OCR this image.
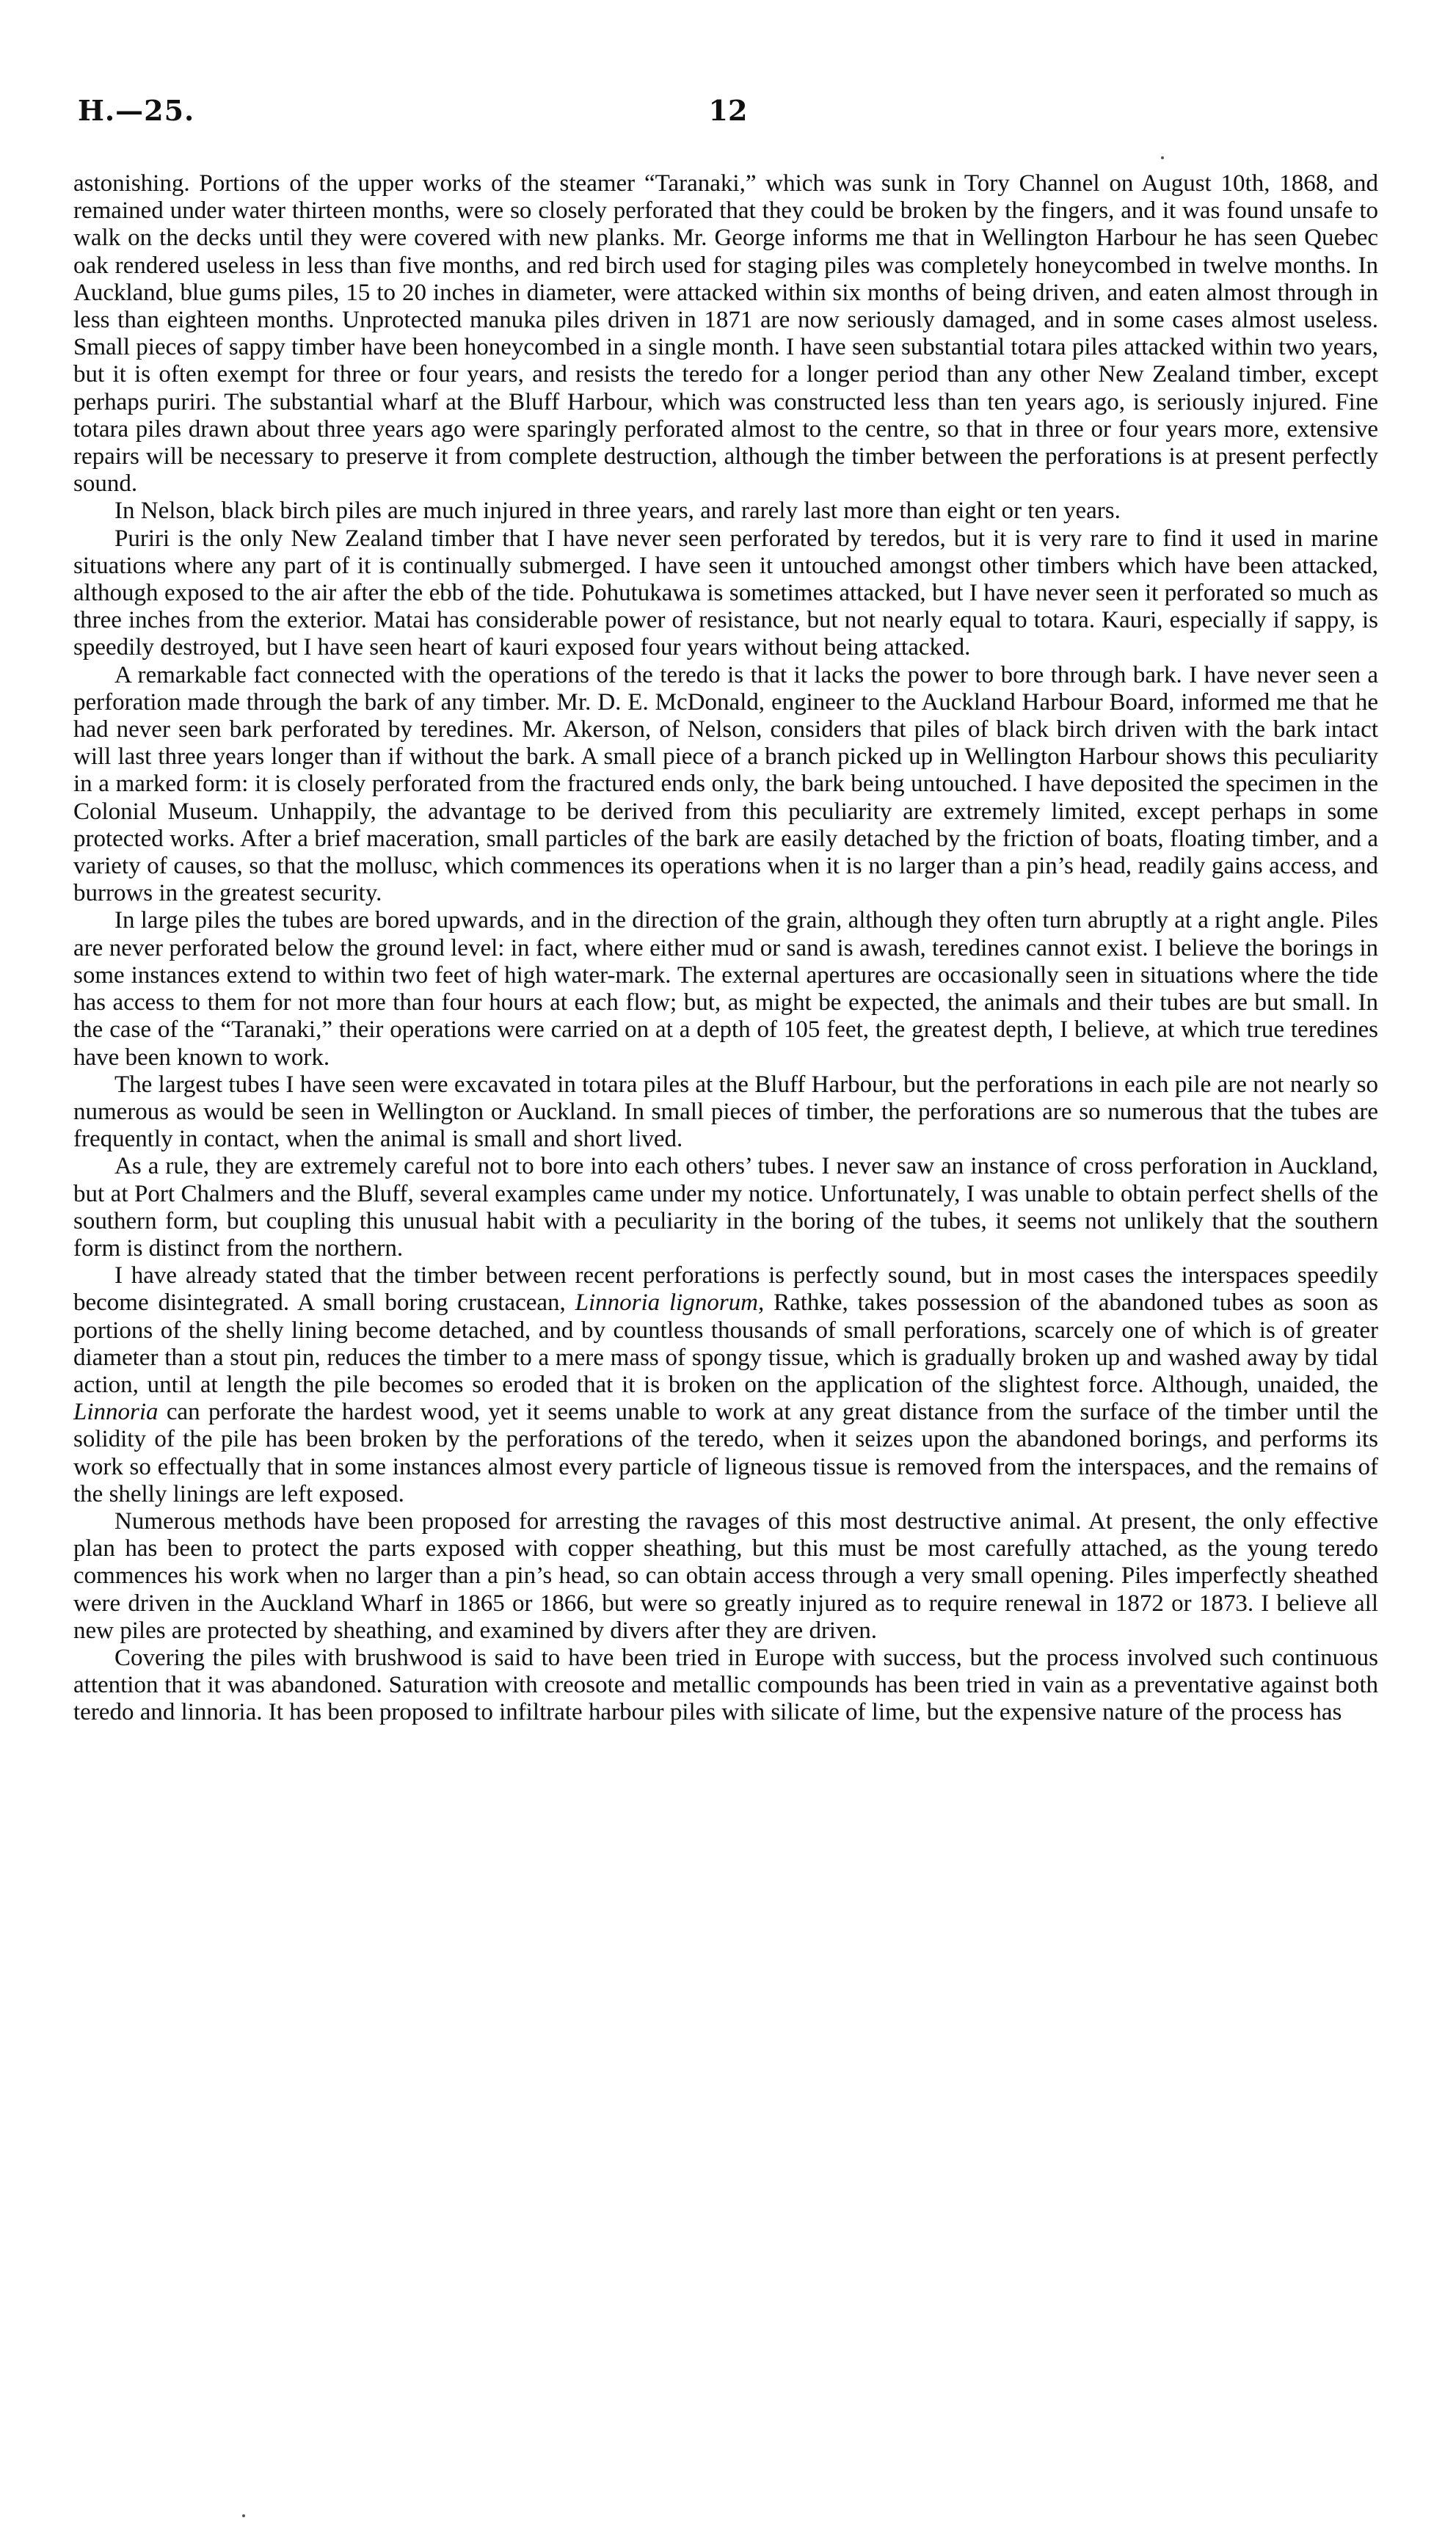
H.—25.	12

astonishing. Portions of the upper works of the steamer “Taranaki,” which was sunk in Tory Channel on August 10th, 1868, and remained under water thirteen months, were so closely perforated that they could be broken by the fingers, and it was found unsafe to walk on the decks until they were covered with new planks. Mr. George informs me that in Wellington Harbour he has seen Quebec oak rendered useless in less than five months, and red birch used for staging piles was completely honeycombed in twelve months. In Auckland, blue gums piles, 15 to 20 inches in diameter, were attacked within six months of being driven, and eaten almost through in less than eighteen months. Unprotected manuka piles driven in 1871 are now seriously damaged, and in some cases almost useless. Small pieces of sappy timber have been honeycombed in a single month. I have seen substantial totara piles attacked within two years, but it is often exempt for three or four years, and resists the teredo for a longer period than any other New Zealand timber, except perhaps puriri. The substantial wharf at the Bluff Harbour, which was constructed less than ten years ago, is seriously injured. Fine totara piles drawn about three years ago were sparingly perforated almost to the centre, so that in three or four years more, extensive repairs will be necessary to preserve it from complete destruction, although the timber between the perforations is at present perfectly sound.

In Nelson, black birch piles are much injured in three years, and rarely last more than eight or ten years.

Puriri is the only New Zealand timber that I have never seen perforated by teredos, but it is very rare to find it used in marine situations where any part of it is continually submerged. I have seen it untouched amongst other timbers which have been attacked, although exposed to the air after the ebb of the tide. Pohutukawa is sometimes attacked, but I have never seen it perforated so much as three inches from the exterior. Matai has considerable power of resistance, but not nearly equal to totara. Kauri, especially if sappy, is speedily destroyed, but I have seen heart of kauri exposed four years without being attacked.

A remarkable fact connected with the operations of the teredo is that it lacks the power to bore through bark. I have never seen a perforation made through the bark of any timber. Mr. D. E. McDonald, engineer to the Auckland Harbour Board, informed me that he had never seen bark perforated by teredines. Mr. Akerson, of Nelson, considers that piles of black birch driven with the bark intact will last three years longer than if without the bark. A small piece of a branch picked up in Wellington Harbour shows this peculiarity in a marked form: it is closely perforated from the fractured ends only, the bark being untouched. I have deposited the specimen in the Colonial Museum. Unhappily, the advantage to be derived from this peculiarity are extremely limited, except perhaps in some protected works. After a brief maceration, small particles of the bark are easily detached by the friction of boats, floating timber, and a variety of causes, so that the mollusc, which commences its operations when it is no larger than a pin’s head, readily gains access, and burrows in the greatest security.

In large piles the tubes are bored upwards, and in the direction of the grain, although they often turn abruptly at a right angle. Piles are never perforated below the ground level: in fact, where either mud or sand is awash, teredines cannot exist. I believe the borings in some instances extend to within two feet of high water-mark. The external apertures are occasionally seen in situations where the tide has access to them for not more than four hours at each flow; but, as might be expected, the animals and their tubes are but small. In the case of the “Taranaki,” their operations were carried on at a depth of 105 feet, the greatest depth, I believe, at which true teredines have been known to work.

The largest tubes I have seen were excavated in totara piles at the Bluff Harbour, but the perforations in each pile are not nearly so numerous as would be seen in Wellington or Auckland. In small pieces of timber, the perforations are so numerous that the tubes are frequently in contact, when the animal is small and short lived.

As a rule, they are extremely careful not to bore into each others’ tubes. I never saw an instance of cross perforation in Auckland, but at Port Chalmers and the Bluff, several examples came under my notice. Unfortunately, I was unable to obtain perfect shells of the southern form, but coupling this unusual habit with a peculiarity in the boring of the tubes, it seems not unlikely that the southern form is distinct from the northern.

I have already stated that the timber between recent perforations is perfectly sound, but in most cases the interspaces speedily become disintegrated. A small boring crustacean, Linnoria lignorum, Rathke, takes possession of the abandoned tubes as soon as portions of the shelly lining become detached, and by countless thousands of small perforations, scarcely one of which is of greater diameter than a stout pin, reduces the timber to a mere mass of spongy tissue, which is gradually broken up and washed away by tidal action, until at length the pile becomes so eroded that it is broken on the application of the slightest force. Although, unaided, the Linnoria can perforate the hardest wood, yet it seems unable to work at any great distance from the surface of the timber until the solidity of the pile has been broken by the perforations of the teredo, when it seizes upon the abandoned borings, and performs its work so effectually that in some instances almost every particle of ligneous tissue is removed from the interspaces, and the remains of the shelly linings are left exposed.

Numerous methods have been proposed for arresting the ravages of this most destructive animal. At present, the only effective plan has been to protect the parts exposed with copper sheathing, but this must be most carefully attached, as the young teredo commences his work when no larger than a pin’s head, so can obtain access through a very small opening. Piles imperfectly sheathed were driven in the Auckland Wharf in 1865 or 1866, but were so greatly injured as to require renewal in 1872 or 1873. I believe all new piles are protected by sheathing, and examined by divers after they are driven.

Covering the piles with brushwood is said to have been tried in Europe with success, but the process involved such continuous attention that it was abandoned. Saturation with creosote and metallic compounds has been tried in vain as a preventative against both teredo and linnoria. It has been proposed to infiltrate harbour piles with silicate of lime, but the expensive nature of the process has
